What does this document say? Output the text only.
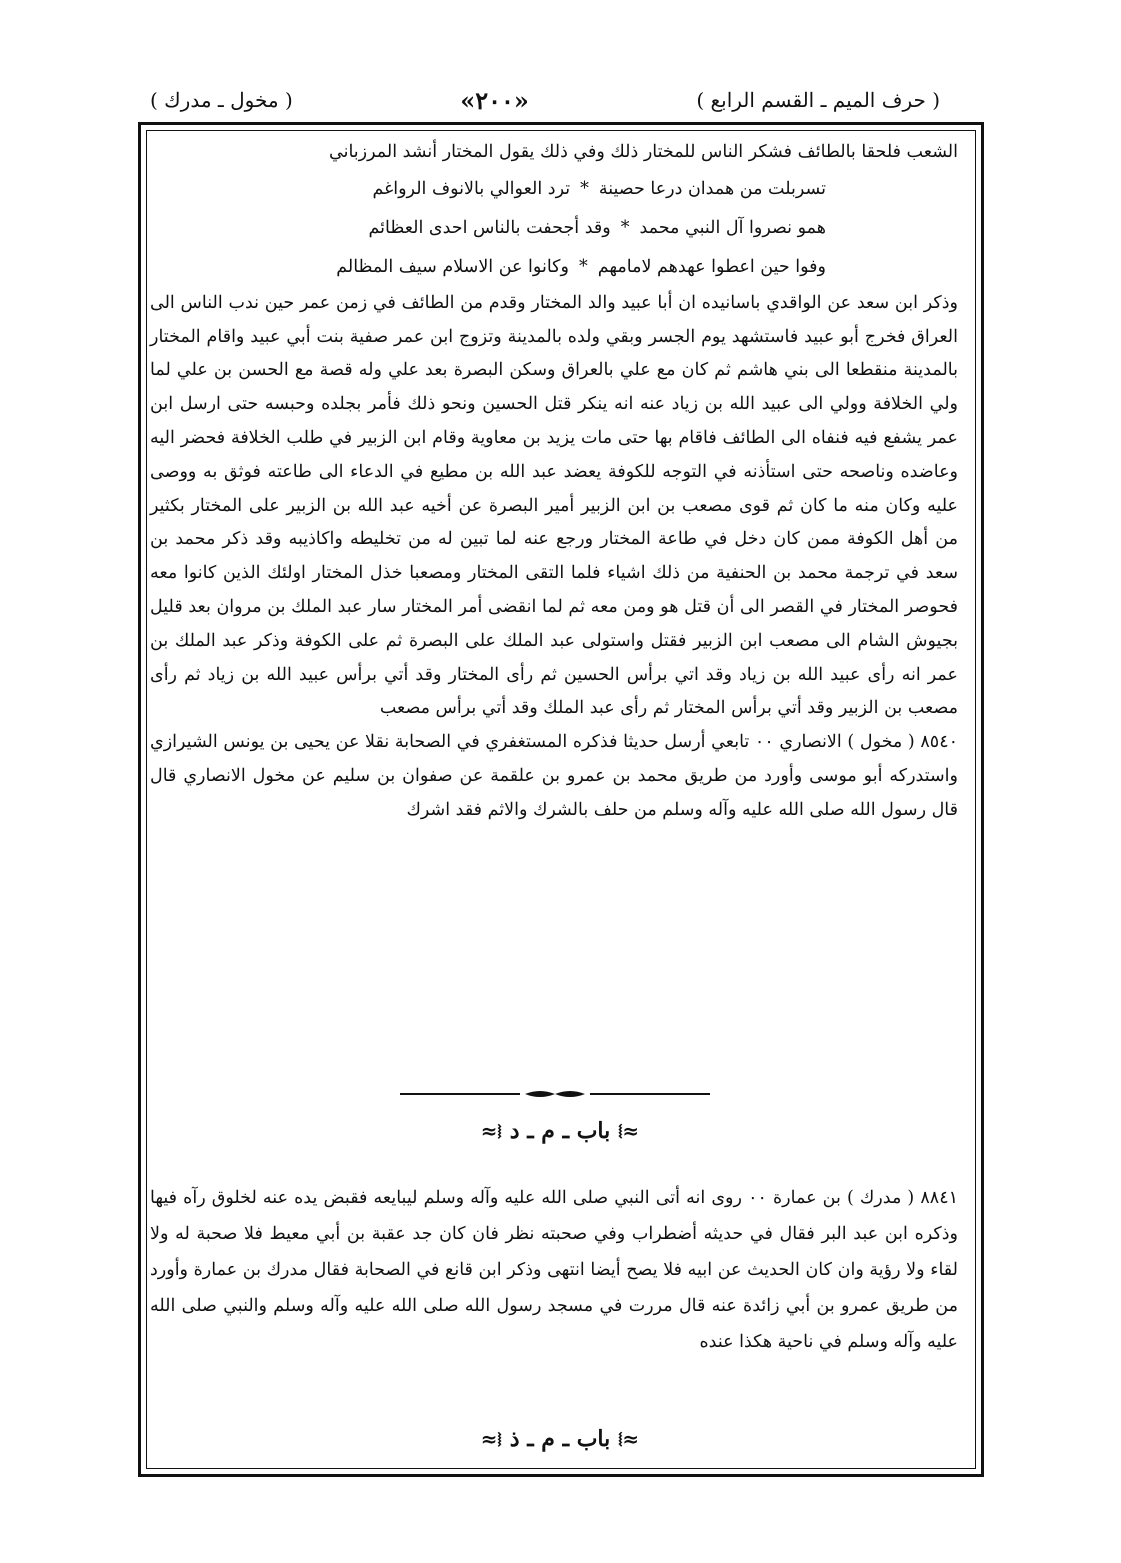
( حرف الميم ـ القسم الرابع )
«۲۰۰»
( مخول ـ مدرك )

الشعب فلحقا بالطائف فشكر الناس للمختار ذلك وفي ذلك يقول المختار أنشد المرزباني

تسربلت من همدان درعا حصينة*ترد العوالي بالانوف الرواغم
همو نصروا آل النبي محمد*وقد أجحفت بالناس احدى العظائم
وفوا حين اعطوا عهدهم لامامهم*وكانوا عن الاسلام سيف المظالم

وذكر ابن سعد عن الواقدي باسانيده ان أبا عبيد والد المختار وقدم من الطائف في زمن عمر حين ندب الناس الى العراق فخرج أبو عبيد فاستشهد يوم الجسر وبقي ولده بالمدينة وتزوج ابن عمر صفية بنت أبي عبيد واقام المختار بالمدينة منقطعا الى بني هاشم ثم كان مع علي بالعراق وسكن البصرة بعد علي وله قصة مع الحسن بن علي لما ولي الخلافة وولي الى عبيد الله بن زياد عنه انه ينكر قتل الحسين ونحو ذلك فأمر بجلده وحبسه حتى ارسل ابن عمر يشفع فيه فنفاه الى الطائف فاقام بها حتى مات يزيد بن معاوية وقام ابن الزبير في طلب الخلافة فحضر اليه وعاضده وناصحه حتى استأذنه في التوجه للكوفة يعضد عبد الله بن مطيع في الدعاء الى طاعته فوثق به ووصى عليه وكان منه ما كان ثم قوى مصعب بن ابن الزبير أمير البصرة عن أخيه عبد الله بن الزبير على المختار بكثير من أهل الكوفة ممن كان دخل في طاعة المختار ورجع عنه لما تبين له من تخليطه واكاذيبه وقد ذكر محمد بن سعد في ترجمة محمد بن الحنفية من ذلك اشياء فلما التقى المختار ومصعبا خذل المختار اولئك الذين كانوا معه فحوصر المختار في القصر الى أن قتل هو ومن معه ثم لما انقضى أمر المختار سار عبد الملك بن مروان بعد قليل بجيوش الشام الى مصعب ابن الزبير فقتل واستولى عبد الملك على البصرة ثم على الكوفة وذكر عبد الملك بن عمر انه رأى عبيد الله بن زياد وقد اتي برأس الحسين ثم رأى المختار وقد أتي برأس عبيد الله بن زياد ثم رأى مصعب بن الزبير وقد أتي برأس المختار ثم رأى عبد الملك وقد أتي برأس مصعب

٨٥٤٠ ( مخول ) الانصاري ٠٠ تابعي أرسل حديثا فذكره المستغفري في الصحابة نقلا عن يحيى بن يونس الشيرازي واستدركه أبو موسى وأورد من طريق محمد بن عمرو بن علقمة عن صفوان بن سليم عن مخول الانصاري قال قال رسول الله صلى الله عليه وآله وسلم من حلف بالشرك والاثم فقد اشرك

≈⧘باب ـ م ـ د⧙≈

٨٨٤١ ( مدرك ) بن عمارة ٠٠ روى انه أتى النبي صلى الله عليه وآله وسلم ليبايعه فقبض يده عنه لخلوق رآه فيها وذكره ابن عبد البر فقال في حديثه أضطراب وفي صحبته نظر فان كان جد عقبة بن أبي معيط فلا صحبة له ولا لقاء ولا رؤية وان كان الحديث عن ابيه فلا يصح أيضا انتهى وذكر ابن قانع في الصحابة فقال مدرك بن عمارة وأورد من طريق عمرو بن أبي زائدة عنه قال مررت في مسجد رسول الله صلى الله عليه وآله وسلم والنبي صلى الله عليه وآله وسلم في ناحية هكذا عنده

≈⧘باب ـ م ـ ذ⧙≈
